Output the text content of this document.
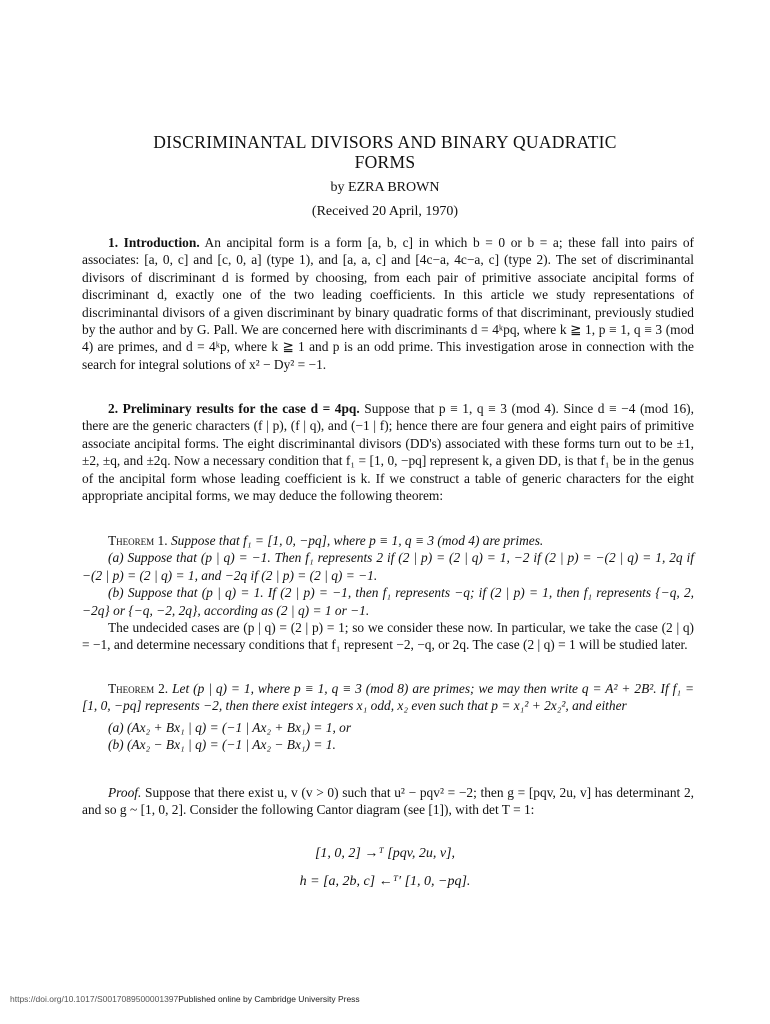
DISCRIMINANTAL DIVISORS AND BINARY QUADRATIC
FORMS
by EZRA BROWN
(Received 20 April, 1970)

1. Introduction. An ancipital form is a form [a, b, c] in which b = 0 or b = a; these fall into pairs of associates: [a, 0, c] and [c, 0, a] (type 1), and [a, a, c] and [4c−a, 4c−a, c] (type 2). The set of discriminantal divisors of discriminant d is formed by choosing, from each pair of primitive associate ancipital forms of discriminant d, exactly one of the two leading coefficients. In this article we study representations of discriminantal divisors of a given discriminant by binary quadratic forms of that discriminant, previously studied by the author and by G. Pall. We are concerned here with discriminants d = 4ᵏpq, where k ≧ 1, p ≡ 1, q ≡ 3 (mod 4) are primes, and d = 4ᵏp, where k ≧ 1 and p is an odd prime. This investigation arose in connection with the search for integral solutions of x² − Dy² = −1.

2. Preliminary results for the case d = 4pq. Suppose that p ≡ 1, q ≡ 3 (mod 4). Since d ≡ −4 (mod 16), there are the generic characters (f | p), (f | q), and (−1 | f); hence there are four genera and eight pairs of primitive associate ancipital forms. The eight discriminantal divisors (DD's) associated with these forms turn out to be ±1, ±2, ±q, and ±2q. Now a necessary condition that f₁ = [1, 0, −pq] represent k, a given DD, is that f₁ be in the genus of the ancipital form whose leading coefficient is k. If we construct a table of generic characters for the eight appropriate ancipital forms, we may deduce the following theorem:

Theorem 1. Suppose that f₁ = [1, 0, −pq], where p ≡ 1, q ≡ 3 (mod 4) are primes.

(a) Suppose that (p | q) = −1. Then f₁ represents 2 if (2 | p) = (2 | q) = 1, −2 if (2 | p) = −(2 | q) = 1, 2q if −(2 | p) = (2 | q) = 1, and −2q if (2 | p) = (2 | q) = −1.

(b) Suppose that (p | q) = 1. If (2 | p) = −1, then f₁ represents −q; if (2 | p) = 1, then f₁ represents {−q, 2, −2q} or {−q, −2, 2q}, according as (2 | q) = 1 or −1.

The undecided cases are (p | q) = (2 | p) = 1; so we consider these now. In particular, we take the case (2 | q) = −1, and determine necessary conditions that f₁ represent −2, −q, or 2q. The case (2 | q) = 1 will be studied later.

Theorem 2. Let (p | q) = 1, where p ≡ 1, q ≡ 3 (mod 8) are primes; we may then write q = A² + 2B². If f₁ = [1, 0, −pq] represents −2, then there exist integers x₁ odd, x₂ even such that p = x₁² + 2x₂², and either

(a) (Ax₂ + Bx₁ | q) = (−1 | Ax₂ + Bx₁) = 1, or

(b) (Ax₂ − Bx₁ | q) = (−1 | Ax₂ − Bx₁) = 1.

Proof. Suppose that there exist u, v (v > 0) such that u² − pqv² = −2; then g = [pqv, 2u, v] has determinant 2, and so g ~ [1, 0, 2]. Consider the following Cantor diagram (see [1]), with det T = 1:

[1, 0, 2] →ᵀ [pqv, 2u, v],
h = [a, 2b, c] ←ᵀ′ [1, 0, −pq].
https://doi.org/10.1017/S0017089500001397Published online by Cambridge University Press
